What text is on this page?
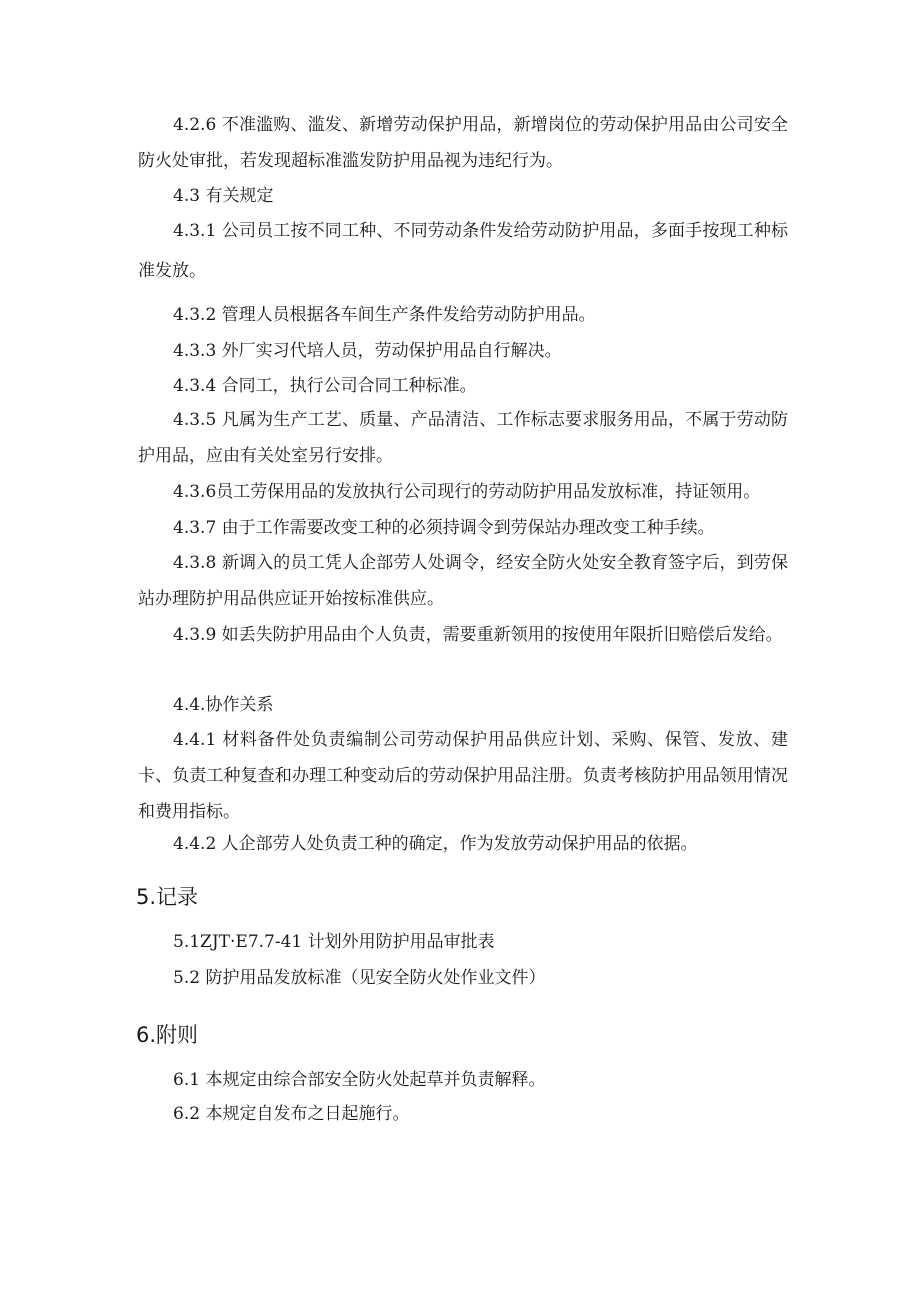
4.2.6 不准滥购、滥发、新增劳动保护用品，新增岗位的劳动保护用品由公司安全防火处审批，若发现超标准滥发防护用品视为违纪行为。

4.3 有关规定

4.3.1 公司员工按不同工种、不同劳动条件发给劳动防护用品，多面手按现工种标准发放。

4.3.2 管理人员根据各车间生产条件发给劳动防护用品。

4.3.3 外厂实习代培人员，劳动保护用品自行解决。

4.3.4 合同工，执行公司合同工种标准。

4.3.5 凡属为生产工艺、质量、产品清洁、工作标志要求服务用品，不属于劳动防护用品，应由有关处室另行安排。

4.3.6员工劳保用品的发放执行公司现行的劳动防护用品发放标准，持证领用。

4.3.7 由于工作需要改变工种的必须持调令到劳保站办理改变工种手续。

4.3.8 新调入的员工凭人企部劳人处调令，经安全防火处安全教育签字后，到劳保站办理防护用品供应证开始按标准供应。

4.3.9 如丢失防护用品由个人负责，需要重新领用的按使用年限折旧赔偿后发给。

4.4.协作关系

4.4.1 材料备件处负责编制公司劳动保护用品供应计划、采购、保管、发放、建卡、负责工种复查和办理工种变动后的劳动保护用品注册。负责考核防护用品领用情况和费用指标。

4.4.2 人企部劳人处负责工种的确定，作为发放劳动保护用品的依据。

5.记录

5.1ZJT·E7.7-41 计划外用防护用品审批表

5.2 防护用品发放标准（见安全防火处作业文件）

6.附则

6.1 本规定由综合部安全防火处起草并负责解释。

6.2 本规定自发布之日起施行。
